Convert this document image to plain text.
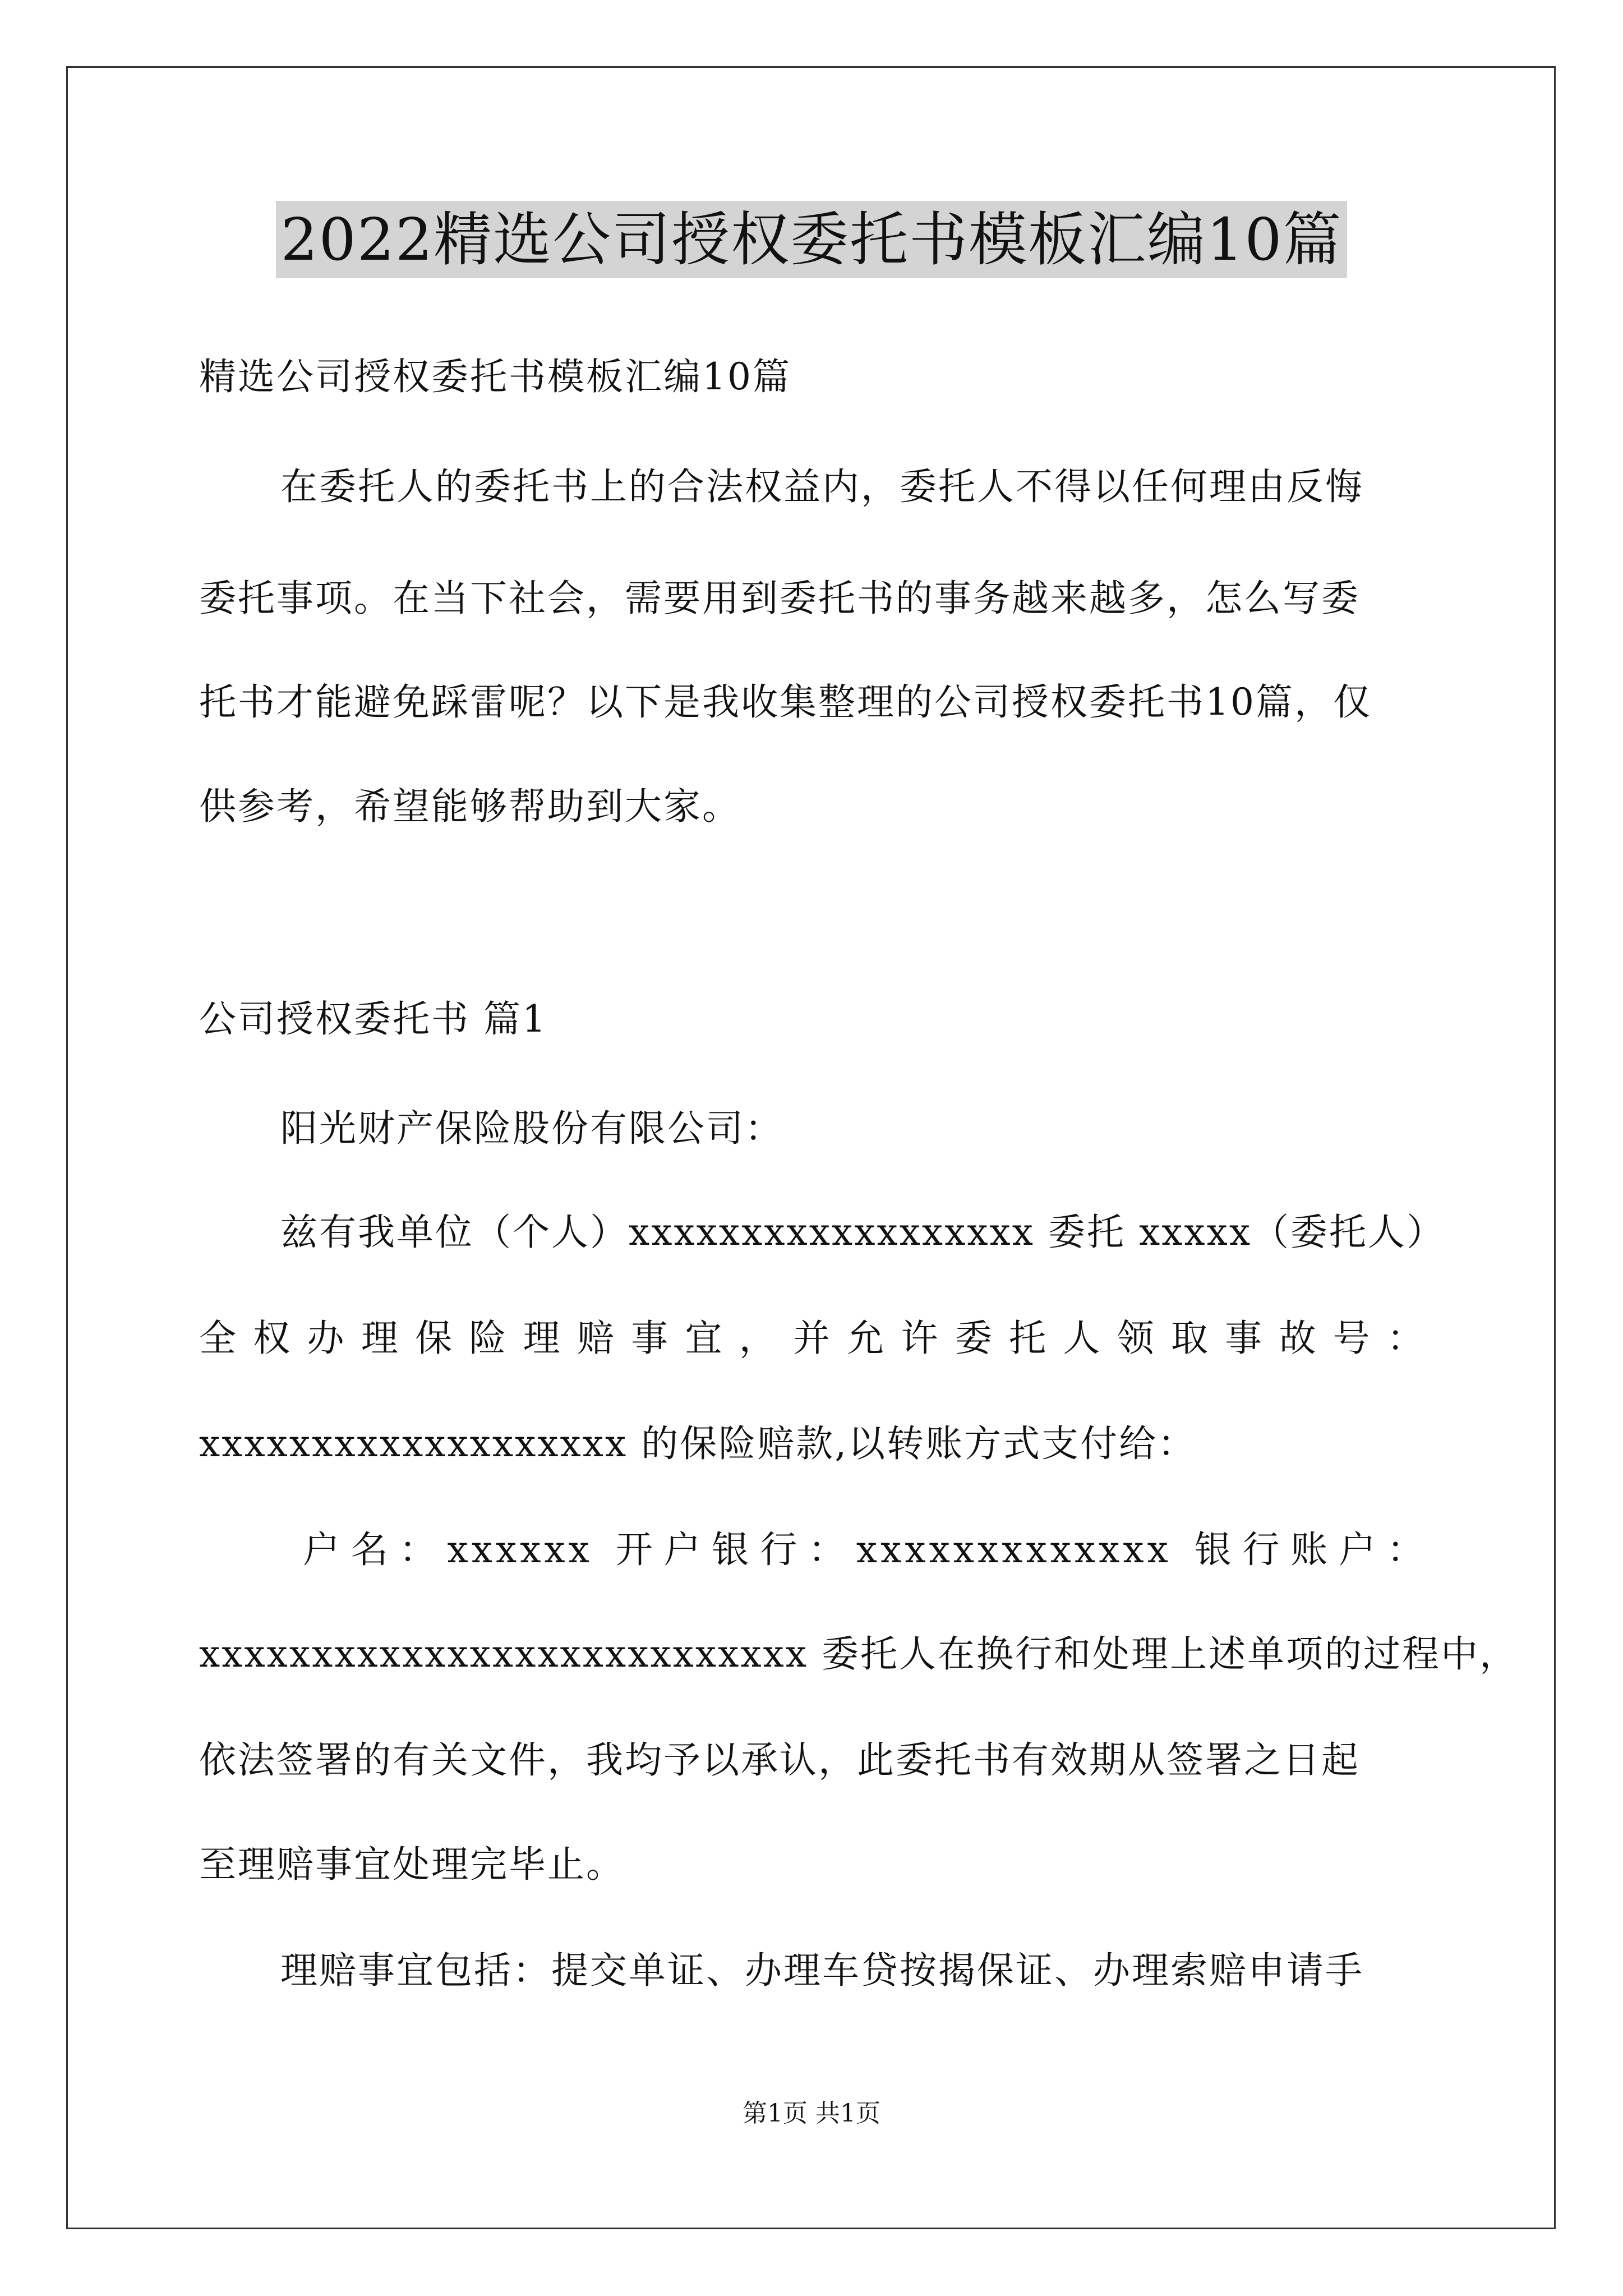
2022精选公司授权委托书模板汇编10篇
精选公司授权委托书模板汇编10篇
在委托人的委托书上的合法权益内，委托人不得以任何理由反悔
委托事项。在当下社会，需要用到委托书的事务越来越多，怎么写委
托书才能避免踩雷呢？以下是我收集整理的公司授权委托书10篇，仅
供参考，希望能够帮助到大家。
公司授权委托书 篇1
阳光财产保险股份有限公司：
兹有我单位（个人）xxxxxxxxxxxxxxxxxx 委托 xxxxx（委托人）
全权办理保险理赔事宜，并允许委托人领取事故号：
xxxxxxxxxxxxxxxxxxx 的保险赔款,以转账方式支付给：
户名：xxxxxx 开户银行：xxxxxxxxxxxxx 银行账户：
xxxxxxxxxxxxxxxxxxxxxxxxxxx 委托人在换行和处理上述单项的过程中，
依法签署的有关文件，我均予以承认，此委托书有效期从签署之日起
至理赔事宜处理完毕止。
理赔事宜包括：提交单证、办理车贷按揭保证、办理索赔申请手
第1页 共1页
